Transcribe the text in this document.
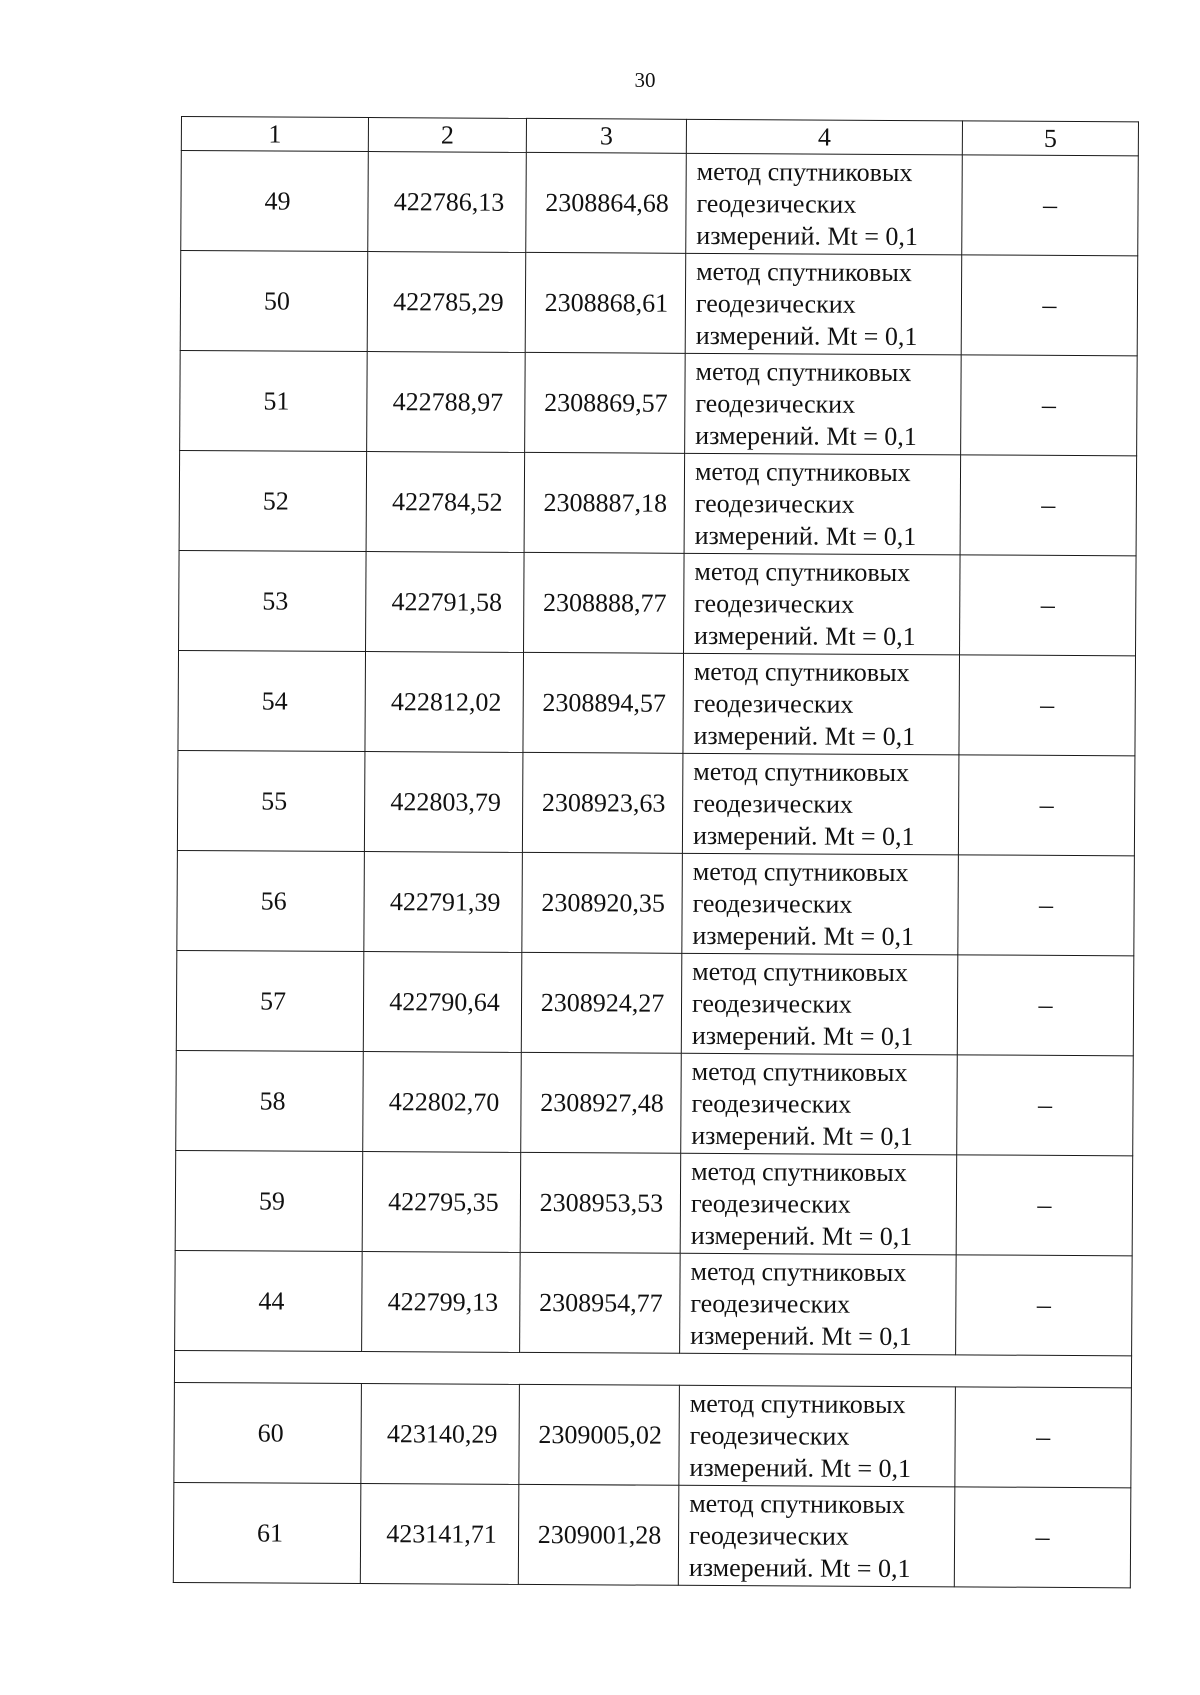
30
1	2	3	4	5
49	422786,13	2308864,68	метод спутниковых
геодезических
измерений. Mt = 0,1	–
50	422785,29	2308868,61	метод спутниковых
геодезических
измерений. Mt = 0,1	–
51	422788,97	2308869,57	метод спутниковых
геодезических
измерений. Mt = 0,1	–
52	422784,52	2308887,18	метод спутниковых
геодезических
измерений. Mt = 0,1	–
53	422791,58	2308888,77	метод спутниковых
геодезических
измерений. Mt = 0,1	–
54	422812,02	2308894,57	метод спутниковых
геодезических
измерений. Mt = 0,1	–
55	422803,79	2308923,63	метод спутниковых
геодезических
измерений. Mt = 0,1	–
56	422791,39	2308920,35	метод спутниковых
геодезических
измерений. Mt = 0,1	–
57	422790,64	2308924,27	метод спутниковых
геодезических
измерений. Mt = 0,1	–
58	422802,70	2308927,48	метод спутниковых
геодезических
измерений. Mt = 0,1	–
59	422795,35	2308953,53	метод спутниковых
геодезических
измерений. Mt = 0,1	–
44	422799,13	2308954,77	метод спутниковых
геодезических
измерений. Mt = 0,1	–

60	423140,29	2309005,02	метод спутниковых
геодезических
измерений. Mt = 0,1	–
61	423141,71	2309001,28	метод спутниковых
геодезических
измерений. Mt = 0,1	–
